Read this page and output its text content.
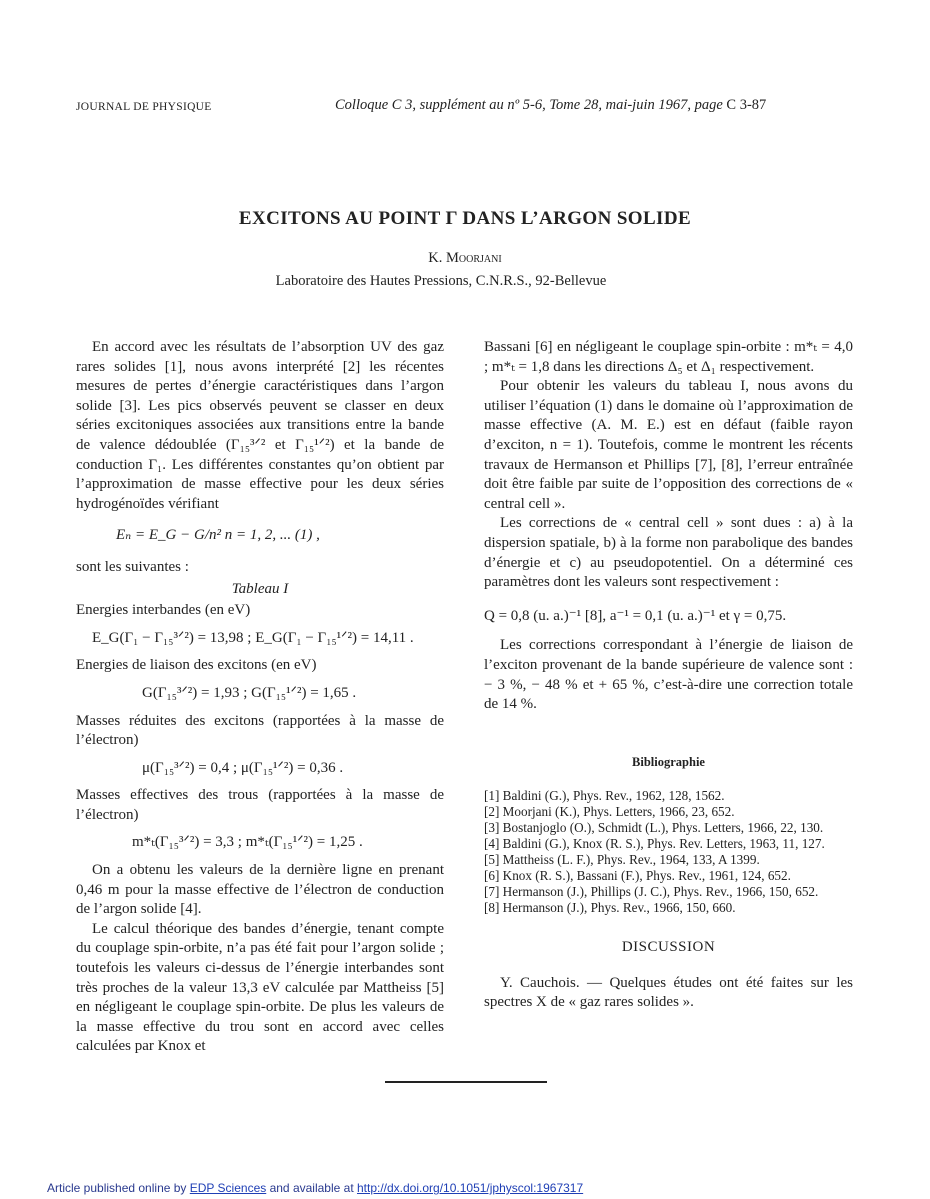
JOURNAL DE PHYSIQUE	Colloque C 3, supplément au nº 5-6, Tome 28, mai-juin 1967, page C 3-87
EXCITONS AU POINT Γ DANS L’ARGON SOLIDE
K. Moorjani
Laboratoire des Hautes Pressions, C.N.R.S., 92-Bellevue

En accord avec les résultats de l’absorption UV des gaz rares solides [1], nous avons interprété [2] les récentes mesures de pertes d’énergie caractéristiques dans l’argon solide [3]. Les pics observés peuvent se classer en deux séries excitoniques associées aux transitions entre la bande de valence dédoublée (Γ₁₅³ᐟ² et Γ₁₅¹ᐟ²) et la bande de conduction Γ₁. Les différentes constantes qu’on obtient par l’approximation de masse effective pour les deux séries hydrogénoïdes vérifiant

Eₙ = E_G − G/n² n = 1, 2, ... (1) ,

sont les suivantes :

Tableau I

Energies interbandes (en eV)

E_G(Γ₁ − Γ₁₅³ᐟ²) = 13,98 ; E_G(Γ₁ − Γ₁₅¹ᐟ²) = 14,11 .

Energies de liaison des excitons (en eV)

G(Γ₁₅³ᐟ²) = 1,93 ; G(Γ₁₅¹ᐟ²) = 1,65 .

Masses réduites des excitons (rapportées à la masse de l’électron)

μ(Γ₁₅³ᐟ²) = 0,4 ; μ(Γ₁₅¹ᐟ²) = 0,36 .

Masses effectives des trous (rapportées à la masse de l’électron)

m*ₜ(Γ₁₅³ᐟ²) = 3,3 ; m*ₜ(Γ₁₅¹ᐟ²) = 1,25 .

On a obtenu les valeurs de la dernière ligne en prenant 0,46 m pour la masse effective de l’électron de conduction de l’argon solide [4].

Le calcul théorique des bandes d’énergie, tenant compte du couplage spin-orbite, n’a pas été fait pour l’argon solide ; toutefois les valeurs ci-dessus de l’énergie interbandes sont très proches de la valeur 13,3 eV calculée par Mattheiss [5] en négligeant le couplage spin-orbite. De plus les valeurs de la masse effective du trou sont en accord avec celles calculées par Knox et

Bassani [6] en négligeant le couplage spin-orbite : m*ₜ = 4,0 ; m*ₜ = 1,8 dans les directions Δ₅ et Δ₁ respectivement.

Pour obtenir les valeurs du tableau I, nous avons du utiliser l’équation (1) dans le domaine où l’approximation de masse effective (A. M. E.) est en défaut (faible rayon d’exciton, n = 1). Toutefois, comme le montrent les récents travaux de Hermanson et Phillips [7], [8], l’erreur entraînée doit être faible par suite de l’opposition des corrections de « central cell ».

Les corrections de « central cell » sont dues : a) à la dispersion spatiale, b) à la forme non parabolique des bandes d’énergie et c) au pseudopotentiel. On a déterminé ces paramètres dont les valeurs sont respectivement :

Q = 0,8 (u. a.)⁻¹ [8], a⁻¹ = 0,1 (u. a.)⁻¹ et γ = 0,75.

Les corrections correspondant à l’énergie de liaison de l’exciton provenant de la bande supérieure de valence sont : − 3 %, − 48 % et + 65 %, c’est-à-dire une correction totale de 14 %.

Bibliographie
[1] Baldini (G.), Phys. Rev., 1962, 128, 1562.
[2] Moorjani (K.), Phys. Letters, 1966, 23, 652.
[3] Bostanjoglo (O.), Schmidt (L.), Phys. Letters, 1966, 22, 130.
[4] Baldini (G.), Knox (R. S.), Phys. Rev. Letters, 1963, 11, 127.
[5] Mattheiss (L. F.), Phys. Rev., 1964, 133, A 1399.
[6] Knox (R. S.), Bassani (F.), Phys. Rev., 1961, 124, 652.
[7] Hermanson (J.), Phillips (J. C.), Phys. Rev., 1966, 150, 652.
[8] Hermanson (J.), Phys. Rev., 1966, 150, 660.
DISCUSSION

Y. Cauchois. — Quelques études ont été faites sur les spectres X de « gaz rares solides ».

Article published online by EDP Sciences and available at http://dx.doi.org/10.1051/jphyscol:1967317
